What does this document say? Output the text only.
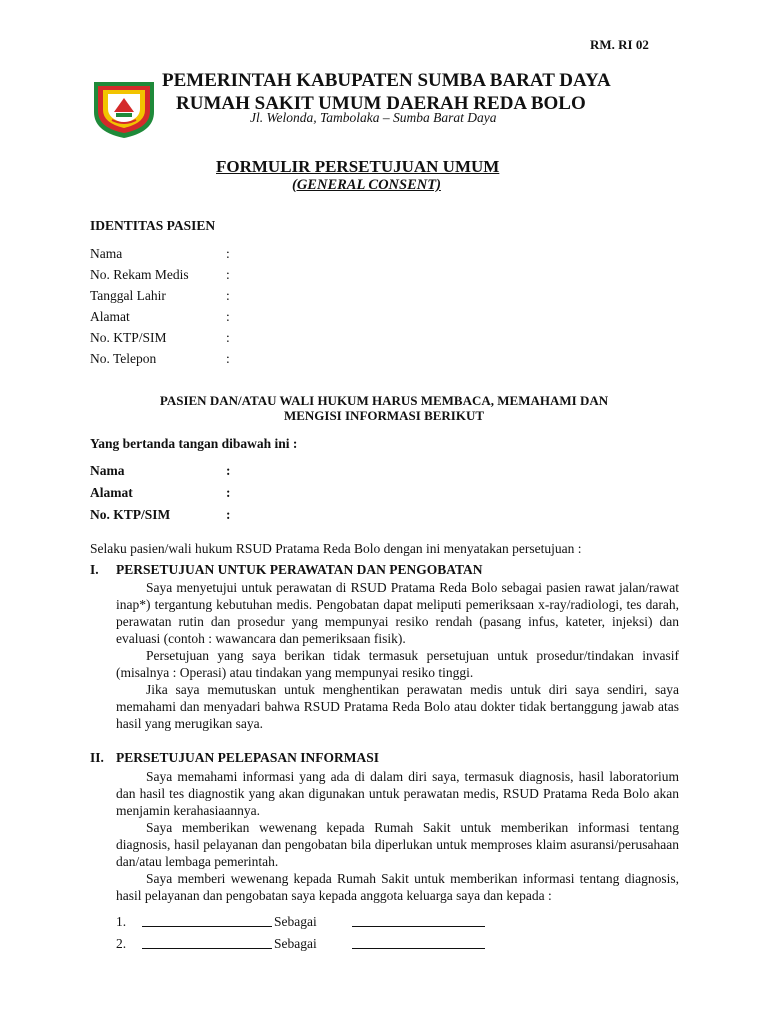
RM. RI 02
PEMERINTAH KABUPATEN SUMBA BARAT DAYA
RUMAH SAKIT UMUM DAERAH REDA BOLO
Jl. Welonda, Tambolaka – Sumba Barat Daya
FORMULIR PERSETUJUAN UMUM
(GENERAL CONSENT)
IDENTITAS PASIEN
Nama	:
No. Rekam Medis	:
Tanggal Lahir	:
Alamat	:
No. KTP/SIM	:
No. Telepon	:
PASIEN DAN/ATAU WALI HUKUM HARUS MEMBACA, MEMAHAMI DAN
MENGISI INFORMASI BERIKUT
Yang bertanda tangan dibawah ini :
Nama	:
Alamat	:
No. KTP/SIM	:
Selaku pasien/wali hukum RSUD Pratama Reda Bolo dengan ini menyatakan persetujuan :
I. PERSETUJUAN UNTUK PERAWATAN DAN PENGOBATAN

Saya menyetujui untuk perawatan di RSUD Pratama Reda Bolo sebagai pasien rawat jalan/rawat inap*) tergantung kebutuhan medis. Pengobatan dapat meliputi pemeriksaan x-ray/radiologi, tes darah, perawatan rutin dan prosedur yang mempunyai resiko rendah (pasang infus, kateter, injeksi) dan evaluasi (contoh : wawancara dan pemeriksaan fisik).

Persetujuan yang saya berikan tidak termasuk persetujuan untuk prosedur/tindakan invasif (misalnya : Operasi) atau tindakan yang mempunyai resiko tinggi.

Jika saya memutuskan untuk menghentikan perawatan medis untuk diri saya sendiri, saya memahami dan menyadari bahwa RSUD Pratama Reda Bolo atau dokter tidak bertanggung jawab atas hasil yang merugikan saya.

II. PERSETUJUAN PELEPASAN INFORMASI

Saya memahami informasi yang ada di dalam diri saya, termasuk diagnosis, hasil laboratorium dan hasil tes diagnostik yang akan digunakan untuk perawatan medis, RSUD Pratama Reda Bolo akan menjamin kerahasiaannya.

Saya memberikan wewenang kepada Rumah Sakit untuk memberikan informasi tentang diagnosis, hasil pelayanan dan pengobatan bila diperlukan untuk memproses klaim asuransi/perusahaan dan/atau lembaga pemerintah.

Saya memberi wewenang kepada Rumah Sakit untuk memberikan informasi tentang diagnosis, hasil pelayanan dan pengobatan saya kepada anggota keluarga saya dan kepada :

1.	Sebagai
2.	Sebagai
